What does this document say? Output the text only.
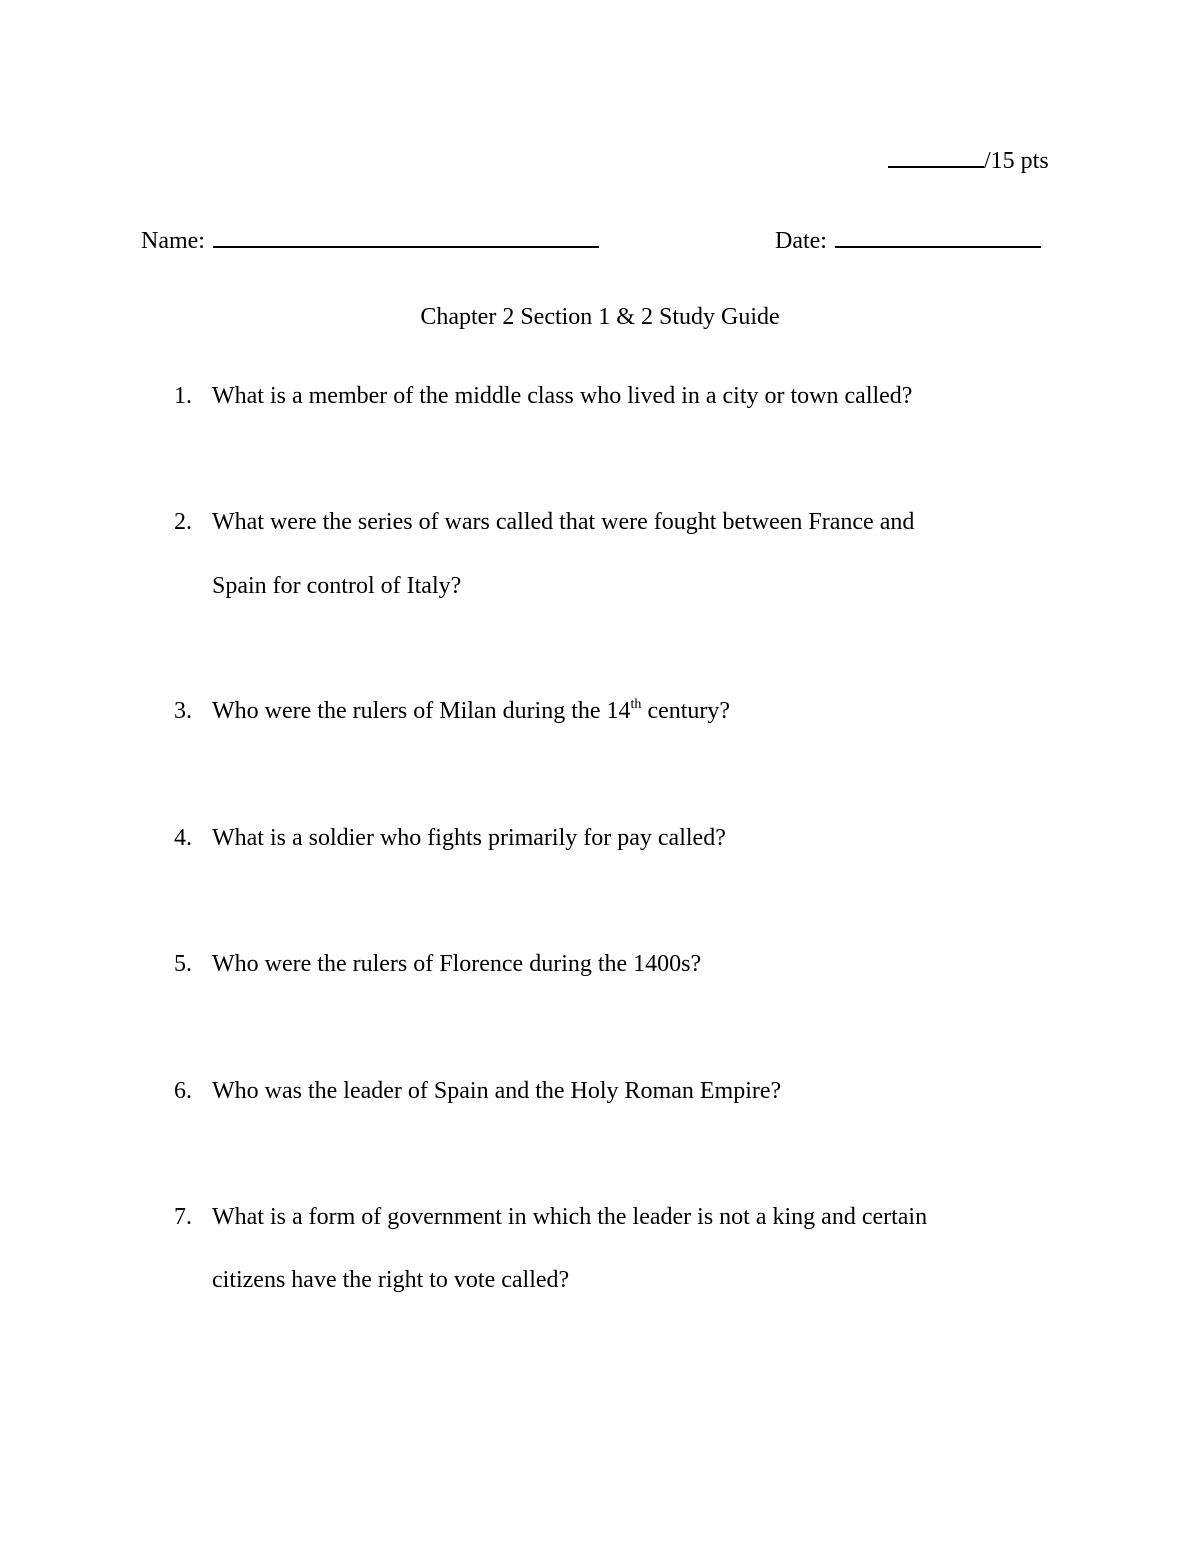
/15 pts
Name:	Date:
Chapter 2 Section 1 & 2 Study Guide
1. What is a member of the middle class who lived in a city or town called?
2. What were the series of wars called that were fought between France and
Spain for control of Italy?
3. Who were the rulers of Milan during the 14th century?
4. What is a soldier who fights primarily for pay called?
5. Who were the rulers of Florence during the 1400s?
6. Who was the leader of Spain and the Holy Roman Empire?
7. What is a form of government in which the leader is not a king and certain
citizens have the right to vote called?
